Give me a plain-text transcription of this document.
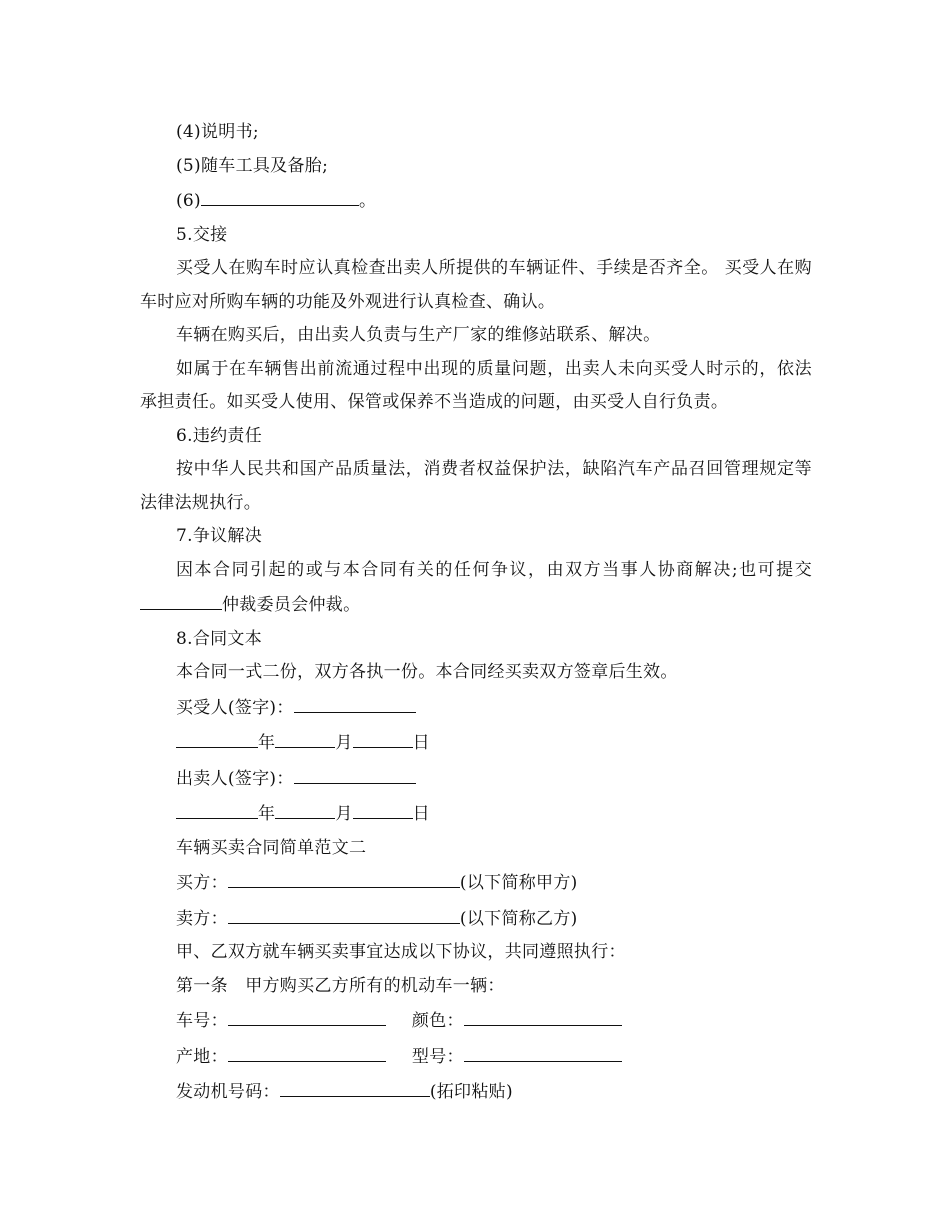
(4)说明书;

(5)随车工具及备胎;

(6)	。

5.交接

买受人在购车时应认真检查出卖人所提供的车辆证件、手续是否齐全。 买受人在购车时应对所购车辆的功能及外观进行认真检查、确认。

车辆在购买后，由出卖人负责与生产厂家的维修站联系、解决。

如属于在车辆售出前流通过程中出现的质量问题，出卖人未向买受人时示的，依法承担责任。如买受人使用、保管或保养不当造成的问题，由买受人自行负责。

6.违约责任

按中华人民共和国产品质量法，消费者权益保护法，缺陷汽车产品召回管理规定等法律法规执行。

7.争议解决

因本合同引起的或与本合同有关的任何争议，由双方当事人协商解决;也可提交仲裁委员会仲裁。

8.合同文本

本合同一式二份，双方各执一份。本合同经买卖双方签章后生效。

买受人(签字)：

年	月	日

出卖人(签字)：

年	月	日

车辆买卖合同简单范文二

买方：	(以下简称甲方)

卖方：	(以下简称乙方)

甲、乙双方就车辆买卖事宜达成以下协议，共同遵照执行：

第一条　甲方购买乙方所有的机动车一辆：

车号：	颜色：

产地：	型号：

发动机号码：	(拓印粘贴)
